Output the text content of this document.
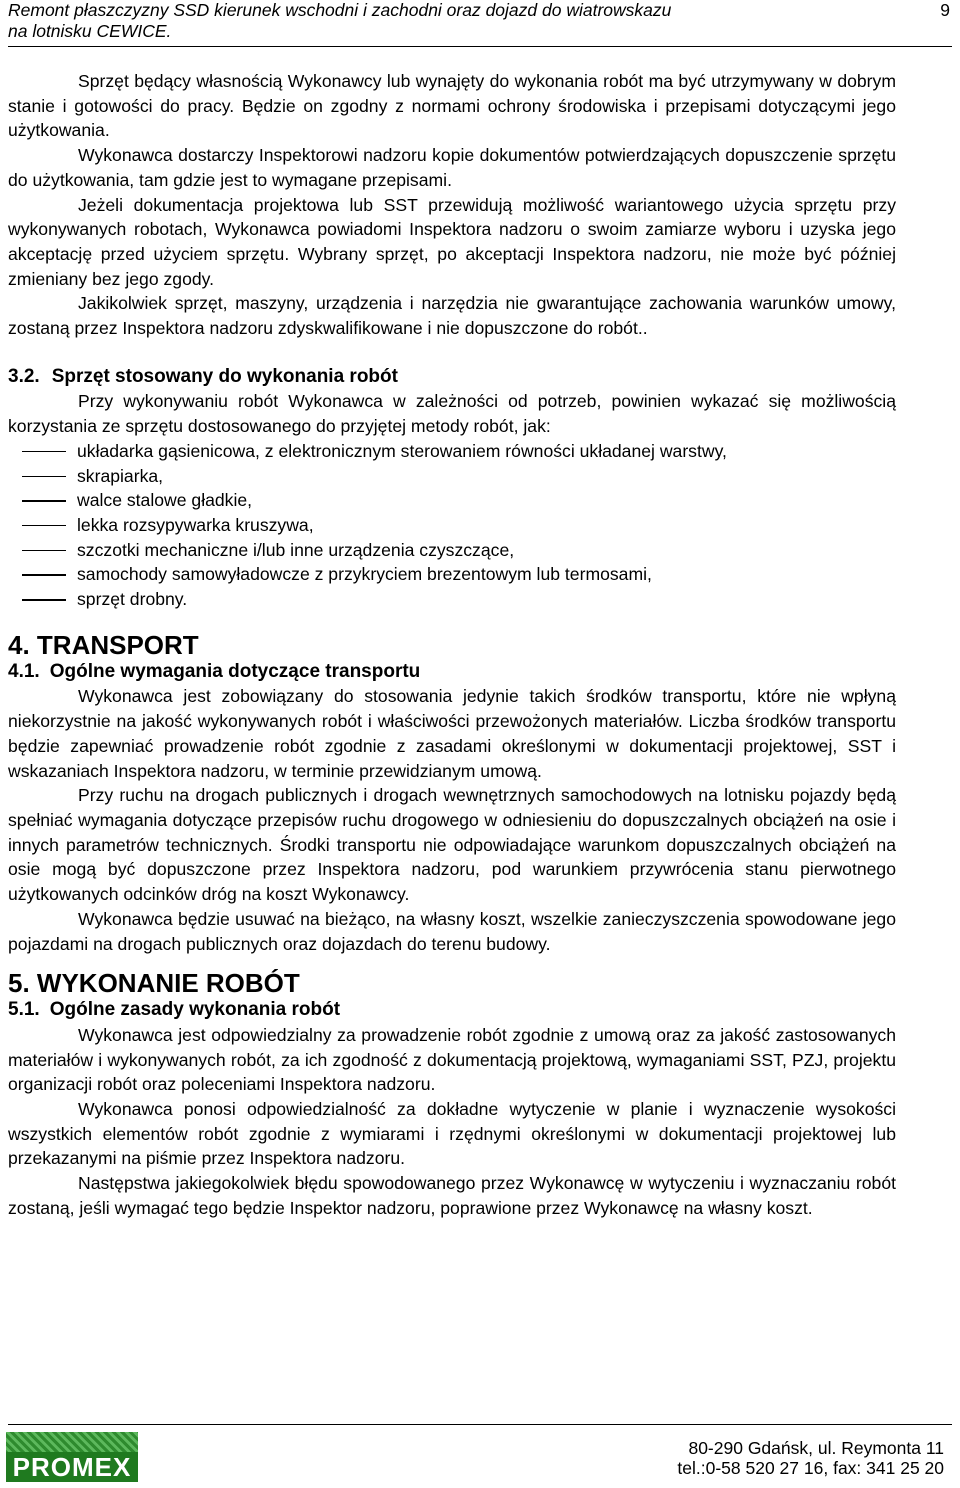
Remont płaszczyzny SSD kierunek wschodni i zachodni oraz dojazd do wiatrowskazu
na lotnisku CEWICE.
9

Sprzęt będący własnością Wykonawcy lub wynajęty do wykonania robót ma być utrzymywany w dobrym stanie i gotowości do pracy. Będzie on zgodny z normami ochrony środowiska i przepisami dotyczącymi jego użytkowania.

Wykonawca dostarczy Inspektorowi nadzoru kopie dokumentów potwierdzających dopuszczenie sprzętu do użytkowania, tam gdzie jest to wymagane przepisami.

Jeżeli dokumentacja projektowa lub SST przewidują możliwość wariantowego użycia sprzętu przy wykonywanych robotach, Wykonawca powiadomi Inspektora nadzoru o swoim zamiarze wyboru i uzyska jego akceptację przed użyciem sprzętu. Wybrany sprzęt, po akceptacji Inspektora nadzoru, nie może być później zmieniany bez jego zgody.

Jakikolwiek sprzęt, maszyny, urządzenia i narzędzia nie gwarantujące zachowania warunków umowy, zostaną przez Inspektora nadzoru zdyskwalifikowane i nie dopuszczone do robót..

3.2. Sprzęt stosowany do wykonania robót

Przy wykonywaniu robót Wykonawca w zależności od potrzeb, powinien wykazać się możliwością korzystania ze sprzętu dostosowanego do przyjętej metody robót, jak:

układarka gąsienicowa, z elektronicznym sterowaniem równości układanej warstwy,
skrapiarka,
walce stalowe gładkie,
lekka rozsypywarka kruszywa,
szczotki mechaniczne i/lub inne urządzenia czyszczące,
samochody samowyładowcze z przykryciem brezentowym lub termosami,
sprzęt drobny.
4. TRANSPORT
4.1. Ogólne wymagania dotyczące transportu

Wykonawca jest zobowiązany do stosowania jedynie takich środków transportu, które nie wpłyną niekorzystnie na jakość wykonywanych robót i właściwości przewożonych materiałów. Liczba środków transportu będzie zapewniać prowadzenie robót zgodnie z zasadami określonymi w dokumentacji projektowej, SST i wskazaniach Inspektora nadzoru, w terminie przewidzianym umową.

Przy ruchu na drogach publicznych i drogach wewnętrznych samochodowych na lotnisku pojazdy będą spełniać wymagania dotyczące przepisów ruchu drogowego w odniesieniu do dopuszczalnych obciążeń na osie i innych parametrów technicznych. Środki transportu nie odpowiadające warunkom dopuszczalnych obciążeń na osie mogą być dopuszczone przez Inspektora nadzoru, pod warunkiem przywrócenia stanu pierwotnego użytkowanych odcinków dróg na koszt Wykonawcy.

Wykonawca będzie usuwać na bieżąco, na własny koszt, wszelkie zanieczyszczenia spowodowane jego pojazdami na drogach publicznych oraz dojazdach do terenu budowy.

5. WYKONANIE ROBÓT
5.1. Ogólne zasady wykonania robót

Wykonawca jest odpowiedzialny za prowadzenie robót zgodnie z umową oraz za jakość zastosowanych materiałów i wykonywanych robót, za ich zgodność z dokumentacją projektową, wymaganiami SST, PZJ, projektu organizacji robót oraz poleceniami Inspektora nadzoru.

Wykonawca ponosi odpowiedzialność za dokładne wytyczenie w planie i wyznaczenie wysokości wszystkich elementów robót zgodnie z wymiarami i rzędnymi określonymi w dokumentacji projektowej lub przekazanymi na piśmie przez Inspektora nadzoru.

Następstwa jakiegokolwiek błędu spowodowanego przez Wykonawcę w wytyczeniu i wyznaczaniu robót zostaną, jeśli wymagać tego będzie Inspektor nadzoru, poprawione przez Wykonawcę na własny koszt.

PROMEX
80-290 Gdańsk, ul. Reymonta 11
tel.:0-58 520 27 16, fax: 341 25 20
